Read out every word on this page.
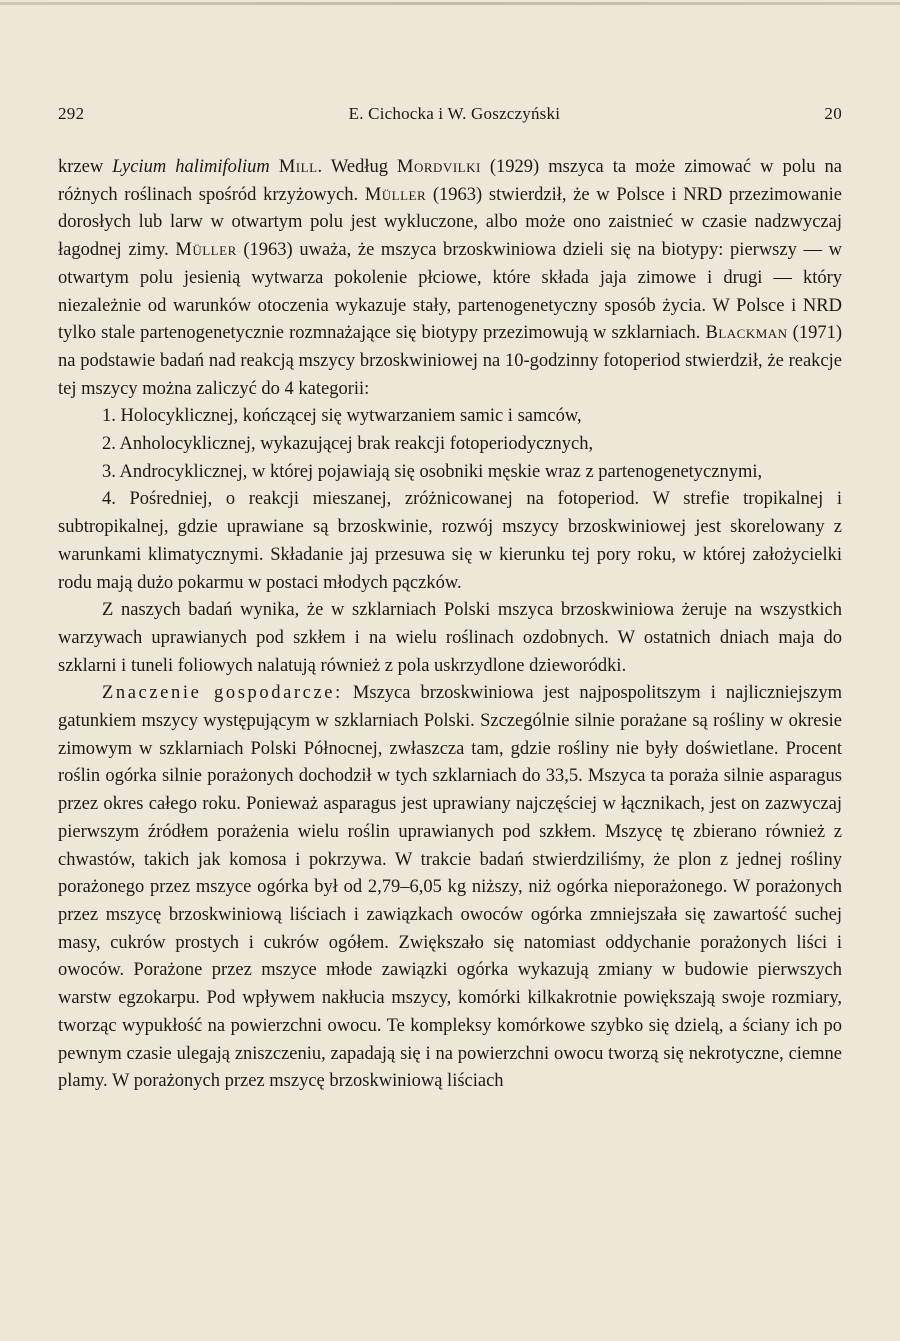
292	E. Cichocka i W. Goszczyński	20

krzew Lycium halimifolium Mill. Według Mordvilki (1929) mszyca ta może zimować w polu na różnych roślinach spośród krzyżowych. Müller (1963) stwierdził, że w Polsce i NRD przezimowanie dorosłych lub larw w otwartym polu jest wykluczone, albo może ono zaistnieć w czasie nadzwyczaj łagodnej zimy. Müller (1963) uważa, że mszyca brzoskwiniowa dzieli się na biotypy: pierwszy — w otwartym polu jesienią wytwarza pokolenie płciowe, które składa jaja zimowe i drugi — który niezależnie od warunków otoczenia wykazuje stały, partenogenetyczny sposób życia. W Polsce i NRD tylko stale partenogenetycznie rozmnażające się biotypy przezimowują w szklarniach. Blackman (1971) na podstawie badań nad reakcją mszycy brzoskwiniowej na 10-godzinny fotoperiod stwierdził, że reakcje tej mszycy można zaliczyć do 4 kategorii:

1. Holocyklicznej, kończącej się wytwarzaniem samic i samców,

2. Anholocyklicznej, wykazującej brak reakcji fotoperiodycznych,

3. Androcyklicznej, w której pojawiają się osobniki męskie wraz z partenogenetycznymi,

4. Pośredniej, o reakcji mieszanej, zróżnicowanej na fotoperiod. W strefie tropikalnej i subtropikalnej, gdzie uprawiane są brzoskwinie, rozwój mszycy brzoskwiniowej jest skorelowany z warunkami klimatycznymi. Składanie jaj przesuwa się w kierunku tej pory roku, w której założycielki rodu mają dużo pokarmu w postaci młodych pączków.

Z naszych badań wynika, że w szklarniach Polski mszyca brzoskwiniowa żeruje na wszystkich warzywach uprawianych pod szkłem i na wielu roślinach ozdobnych. W ostatnich dniach maja do szklarni i tuneli foliowych nalatują również z pola uskrzydlone dzieworódki.

Znaczenie gospodarcze: Mszyca brzoskwiniowa jest najpospolitszym i najliczniejszym gatunkiem mszycy występującym w szklarniach Polski. Szczególnie silnie porażane są rośliny w okresie zimowym w szklarniach Polski Północnej, zwłaszcza tam, gdzie rośliny nie były doświetlane. Procent roślin ogórka silnie porażonych dochodził w tych szklarniach do 33,5. Mszyca ta poraża silnie asparagus przez okres całego roku. Ponieważ asparagus jest uprawiany najczęściej w łącznikach, jest on zazwyczaj pierwszym źródłem porażenia wielu roślin uprawianych pod szkłem. Mszycę tę zbierano również z chwastów, takich jak komosa i pokrzywa. W trakcie badań stwierdziliśmy, że plon z jednej rośliny porażonego przez mszyce ogórka był od 2,79–6,05 kg niższy, niż ogórka nieporażonego. W porażonych przez mszycę brzoskwiniową liściach i zawiązkach owoców ogórka zmniejszała się zawartość suchej masy, cukrów prostych i cukrów ogółem. Zwiększało się natomiast oddychanie porażonych liści i owoców. Porażone przez mszyce młode zawiązki ogórka wykazują zmiany w budowie pierwszych warstw egzokarpu. Pod wpływem nakłucia mszycy, komórki kilkakrotnie powiększają swoje rozmiary, tworząc wypukłość na powierzchni owocu. Te kompleksy komórkowe szybko się dzielą, a ściany ich po pewnym czasie ulegają zniszczeniu, zapadają się i na powierzchni owocu tworzą się nekrotyczne, ciemne plamy. W porażonych przez mszycę brzoskwiniową liściach
